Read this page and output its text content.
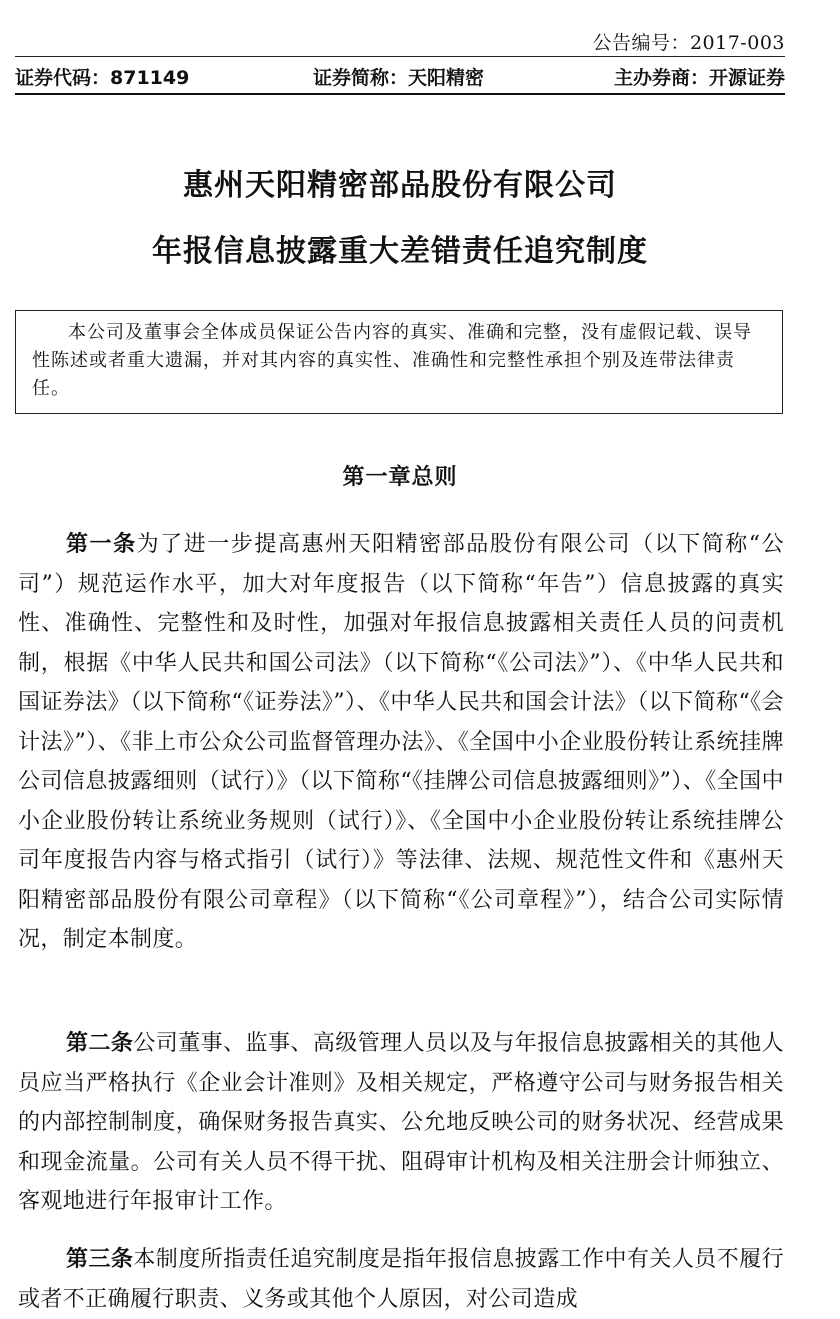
公告编号：2017-003
证券代码：871149	证券简称：天阳精密	主办券商：开源证券
惠州天阳精密部品股份有限公司
年报信息披露重大差错责任追究制度
本公司及董事会全体成员保证公告内容的真实、准确和完整，没有虚假记载、误导性陈述或者重大遗漏，并对其内容的真实性、准确性和完整性承担个别及连带法律责任。
第一章总则

第一条为了进一步提高惠州天阳精密部品股份有限公司（以下简称“公司”）规范运作水平，加大对年度报告（以下简称“年告”）信息披露的真实性、准确性、完整性和及时性，加强对年报信息披露相关责任人员的问责机制，根据《中华人民共和国公司法》（以下简称“《公司法》”）、《中华人民共和国证券法》（以下简称“《证券法》”）、《中华人民共和国会计法》（以下简称“《会计法》”）、《非上市公众公司监督管理办法》、《全国中小企业股份转让系统挂牌公司信息披露细则（试行）》（以下简称“《挂牌公司信息披露细则》”）、《全国中小企业股份转让系统业务规则（试行）》、《全国中小企业股份转让系统挂牌公司年度报告内容与格式指引（试行）》等法律、法规、规范性文件和《惠州天阳精密部品股份有限公司章程》（以下简称“《公司章程》”），结合公司实际情况，制定本制度。

第二条公司董事、监事、高级管理人员以及与年报信息披露相关的其他人员应当严格执行《企业会计准则》及相关规定，严格遵守公司与财务报告相关的内部控制制度，确保财务报告真实、公允地反映公司的财务状况、经营成果和现金流量。公司有关人员不得干扰、阻碍审计机构及相关注册会计师独立、客观地进行年报审计工作。

第三条本制度所指责任追究制度是指年报信息披露工作中有关人员不履行或者不正确履行职责、义务或其他个人原因，对公司造成
